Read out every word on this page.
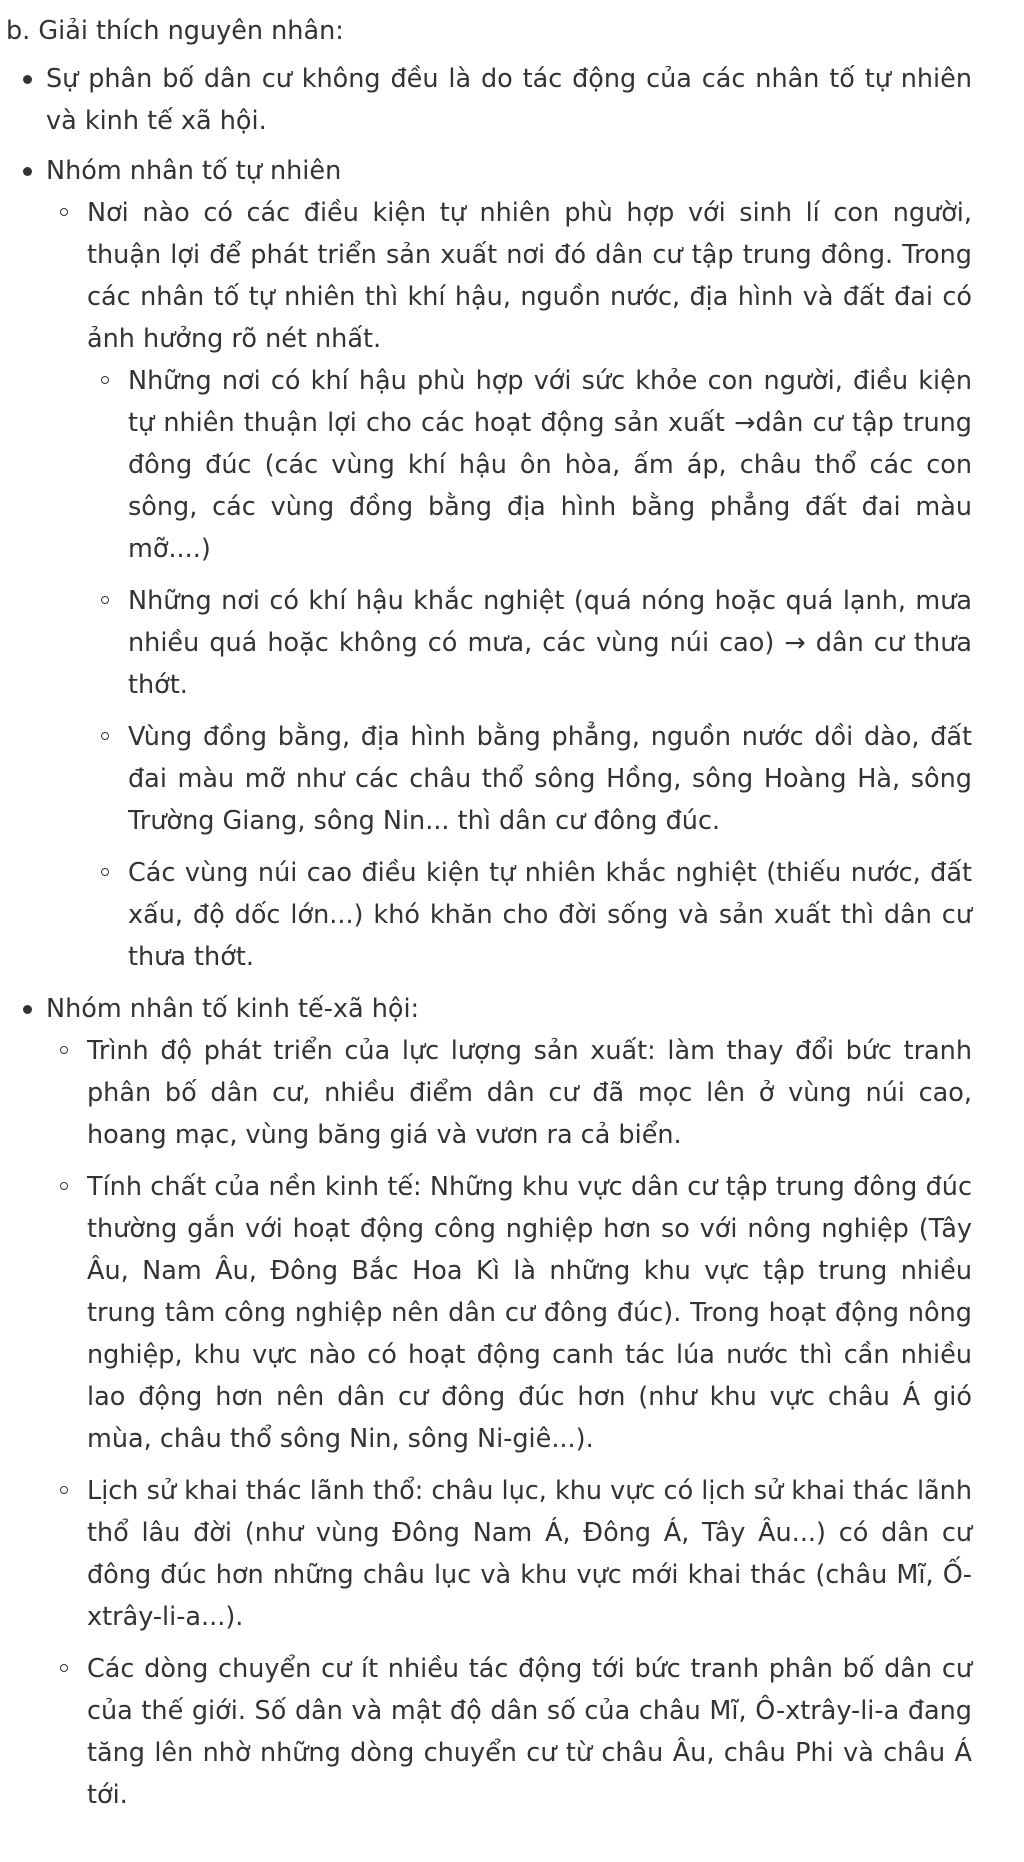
b. Giải thích nguyên nhân:
Sự phân bố dân cư không đều là do tác động của các nhân tố tự nhiên và kinh tế xã hội.
Nhóm nhân tố tự nhiên
Nơi nào có các điều kiện tự nhiên phù hợp với sinh lí con người, thuận lợi để phát triển sản xuất nơi đó dân cư tập trung đông. Trong các nhân tố tự nhiên thì khí hậu, nguồn nước, địa hình và đất đai có ảnh hưởng rõ nét nhất.
Những nơi có khí hậu phù hợp với sức khỏe con người, điều kiện tự nhiên thuận lợi cho các hoạt động sản xuất →dân cư tập trung đông đúc (các vùng khí hậu ôn hòa, ấm áp, châu thổ các con sông, các vùng đồng bằng địa hình bằng phẳng đất đai màu mỡ....)
Những nơi có khí hậu khắc nghiệt (quá nóng hoặc quá lạnh, mưa nhiều quá hoặc không có mưa, các vùng núi cao) → dân cư thưa thớt.
Vùng đồng bằng, địa hình bằng phẳng, nguồn nước dồi dào, đất đai màu mỡ như các châu thổ sông Hồng, sông Hoàng Hà, sông Trường Giang, sông Nin... thì dân cư đông đúc.
Các vùng núi cao điều kiện tự nhiên khắc nghiệt (thiếu nước, đất xấu, độ dốc lớn...) khó khăn cho đời sống và sản xuất thì dân cư thưa thớt.
Nhóm nhân tố kinh tế-xã hội:
Trình độ phát triển của lực lượng sản xuất: làm thay đổi bức tranh phân bố dân cư, nhiều điểm dân cư đã mọc lên ở vùng núi cao, hoang mạc, vùng băng giá và vươn ra cả biển.
Tính chất của nền kinh tế: Những khu vực dân cư tập trung đông đúc thường gắn với hoạt động công nghiệp hơn so với nông nghiệp (Tây Âu, Nam Âu, Đông Bắc Hoa Kì là những khu vực tập trung nhiều trung tâm công nghiệp nên dân cư đông đúc). Trong hoạt động nông nghiệp, khu vực nào có hoạt động canh tác lúa nước thì cần nhiều lao động hơn nên dân cư đông đúc hơn (như khu vực châu Á gió mùa, châu thổ sông Nin, sông Ni-giê...).
Lịch sử khai thác lãnh thổ: châu lục, khu vực có lịch sử khai thác lãnh thổ lâu đời (như vùng Đông Nam Á, Đông Á, Tây Âu...) có dân cư đông đúc hơn những châu lục và khu vực mới khai thác (châu Mĩ, Ố-xtrây-li-a...).
Các dòng chuyển cư ít nhiều tác động tới bức tranh phân bố dân cư của thế giới. Số dân và mật độ dân số của châu Mĩ, Ô-xtrây-li-a đang tăng lên nhờ những dòng chuyển cư từ châu Âu, châu Phi và châu Á tới.
